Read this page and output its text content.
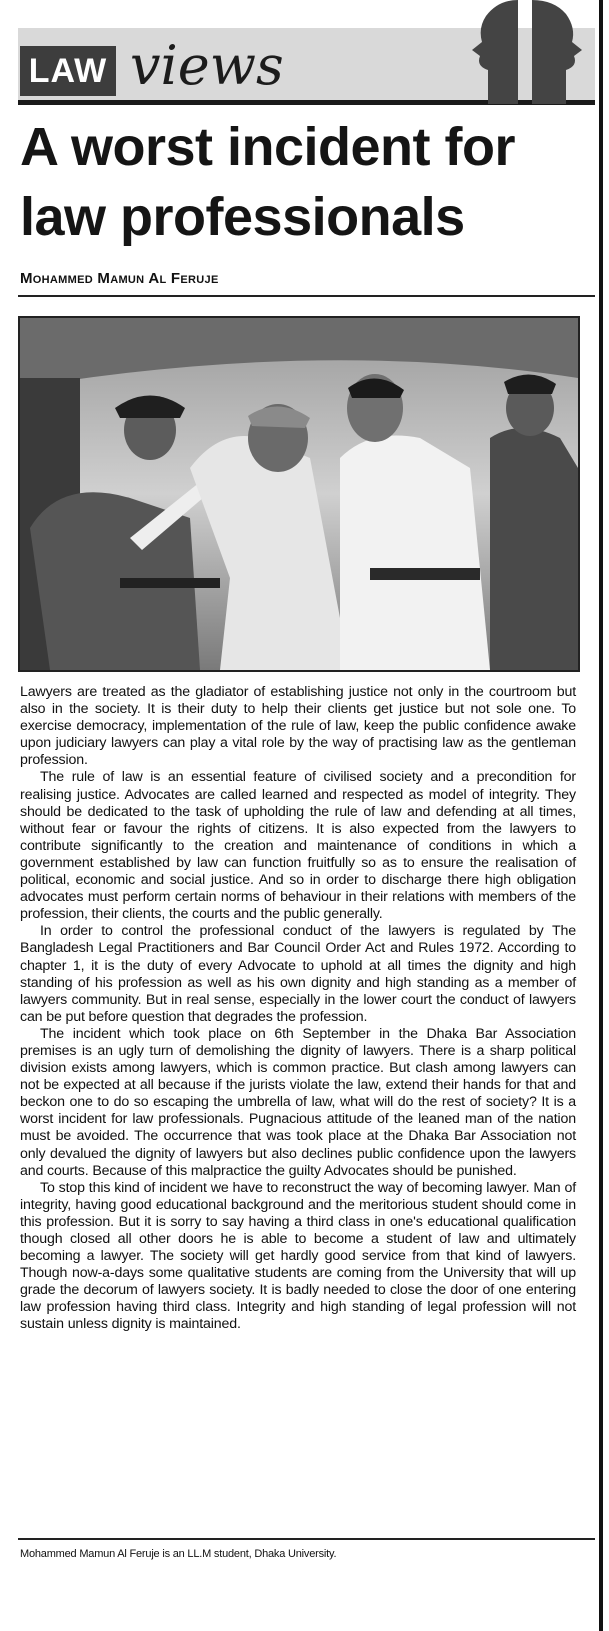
LAW views
A worst incident for
law professionals
Mohammed Mamun Al Feruje

Lawyers are treated as the gladiator of establishing justice not only in the courtroom but also in the society. It is their duty to help their clients get justice but not sole one. To exercise democracy, implementation of the rule of law, keep the public confidence awake upon judiciary lawyers can play a vital role by the way of practising law as the gentleman profession.

The rule of law is an essential feature of civilised society and a precondition for realising justice. Advocates are called learned and respected as model of integrity. They should be dedicated to the task of upholding the rule of law and defending at all times, without fear or favour the rights of citizens. It is also expected from the lawyers to contribute significantly to the creation and maintenance of conditions in which a government established by law can function fruitfully so as to ensure the realisation of political, economic and social justice. And so in order to discharge there high obligation advocates must perform certain norms of behaviour in their relations with members of the profession, their clients, the courts and the public generally.

In order to control the professional conduct of the lawyers is regulated by The Bangladesh Legal Practitioners and Bar Council Order Act and Rules 1972. According to chapter 1, it is the duty of every Advocate to uphold at all times the dignity and high standing of his profession as well as his own dignity and high standing as a member of lawyers community. But in real sense, especially in the lower court the conduct of lawyers can be put before question that degrades the profession.

The incident which took place on 6th September in the Dhaka Bar Association premises is an ugly turn of demolishing the dignity of lawyers. There is a sharp political division exists among lawyers, which is common practice. But clash among lawyers can not be expected at all because if the jurists violate the law, extend their hands for that and beckon one to do so escaping the umbrella of law, what will do the rest of society? It is a worst incident for law professionals. Pugnacious attitude of the leaned man of the nation must be avoided. The occurrence that was took place at the Dhaka Bar Association not only devalued the dignity of lawyers but also declines public confidence upon the lawyers and courts. Because of this malpractice the guilty Advocates should be punished.

To stop this kind of incident we have to reconstruct the way of becoming lawyer. Man of integrity, having good educational background and the meritorious student should come in this profession. But it is sorry to say having a third class in one's educational qualification though closed all other doors he is able to become a student of law and ultimately becoming a lawyer. The society will get hardly good service from that kind of lawyers. Though now-a-days some qualitative students are coming from the University that will up grade the decorum of lawyers society. It is badly needed to close the door of one entering law profession having third class. Integrity and high standing of legal profession will not sustain unless dignity is maintained.

Mohammed Mamun Al Feruje is an LL.M student, Dhaka University.
